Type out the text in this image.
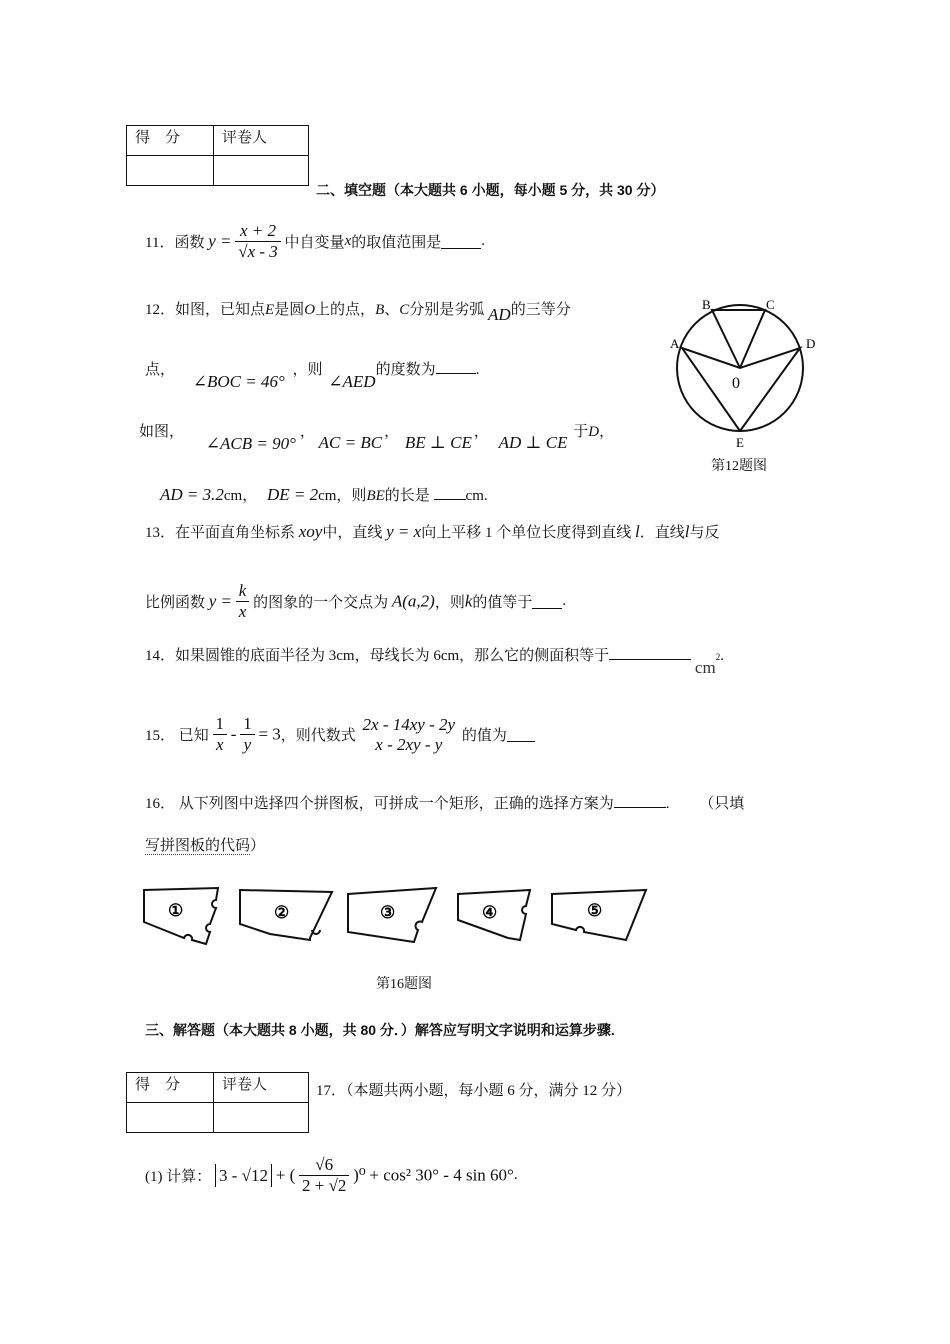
得　分	评卷人

二、填空题（本大题共 6 小题，每小题 5 分，共 30 分）
11．函数 $y = \frac{x + 2}{√x - 3}$ 中自变量x的取值范围是	.
12．如图，已知点E是圆O上的点，B、C分别是劣弧 AD的三等分
点， ∠BOC = 46° ，则 ∠AED的度数为	.
A
B	C
D
E
0
第12题图
如图， ∠ACB = 90°， AC = BC， BE ⊥ CE， AD ⊥ CE 于D，
AD = 3.2cm， DE = 2cm，则BE的长是 cm.
13．在平面直角坐标系 xoy中，直线 y = x向上平移 1 个单位长度得到直线 l．直线l与反
比例函数 $y = \frac{k}{x}$ 的图象的一个交点为 A(a,2)，则k的值等于 .
14．如果圆锥的底面半径为 3cm，母线长为 6cm，那么它的侧面积等于 $cm^2$.
15． 已知 $\frac{1}{x} - \frac{1}{y} = 3$，则代数式
2x - 14xy - 2y
x - 2xy - y	的值为
16． 从下列图中选择四个拼图板，可拼成一个矩形，正确的选择方案为	. （只填
写拼图板的代码）
①	②	③	④	⑤
第16题图
三、解答题（本大题共 8 小题，共 80 分．）解答应写明文字说明和运算步骤.
得　分	评卷人
		17．（本题共两小题，每小题 6 分，满分 12 分）
(1) 计算： 3 - √12 + ( $\frac{√6}{2 + √2} )^0 + \cos^2$ 30° - 4 sin 60°.
